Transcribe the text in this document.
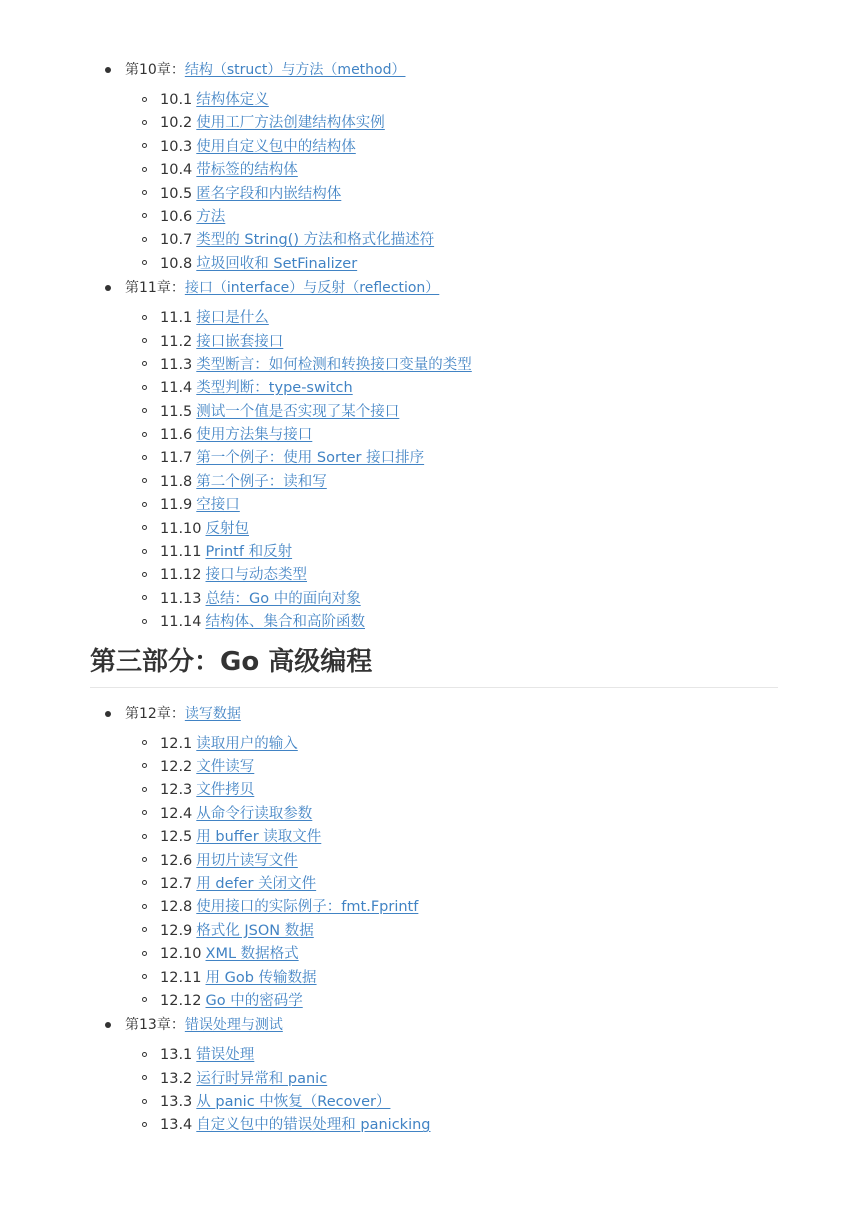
第10章：结构（struct）与方法（method）
10.1 结构体定义
10.2 使用工厂方法创建结构体实例
10.3 使用自定义包中的结构体
10.4 带标签的结构体
10.5 匿名字段和内嵌结构体
10.6 方法
10.7 类型的 String() 方法和格式化描述符
10.8 垃圾回收和 SetFinalizer
第11章：接口（interface）与反射（reflection）
11.1 接口是什么
11.2 接口嵌套接口
11.3 类型断言：如何检测和转换接口变量的类型
11.4 类型判断：type-switch
11.5 测试一个值是否实现了某个接口
11.6 使用方法集与接口
11.7 第一个例子：使用 Sorter 接口排序
11.8 第二个例子：读和写
11.9 空接口
11.10 反射包
11.11 Printf 和反射
11.12 接口与动态类型
11.13 总结：Go 中的面向对象
11.14 结构体、集合和高阶函数
第三部分：Go 高级编程
第12章：读写数据
12.1 读取用户的输入
12.2 文件读写
12.3 文件拷贝
12.4 从命令行读取参数
12.5 用 buffer 读取文件
12.6 用切片读写文件
12.7 用 defer 关闭文件
12.8 使用接口的实际例子：fmt.Fprintf
12.9 格式化 JSON 数据
12.10 XML 数据格式
12.11 用 Gob 传输数据
12.12 Go 中的密码学
第13章：错误处理与测试
13.1 错误处理
13.2 运行时异常和 panic
13.3 从 panic 中恢复（Recover）
13.4 自定义包中的错误处理和 panicking
